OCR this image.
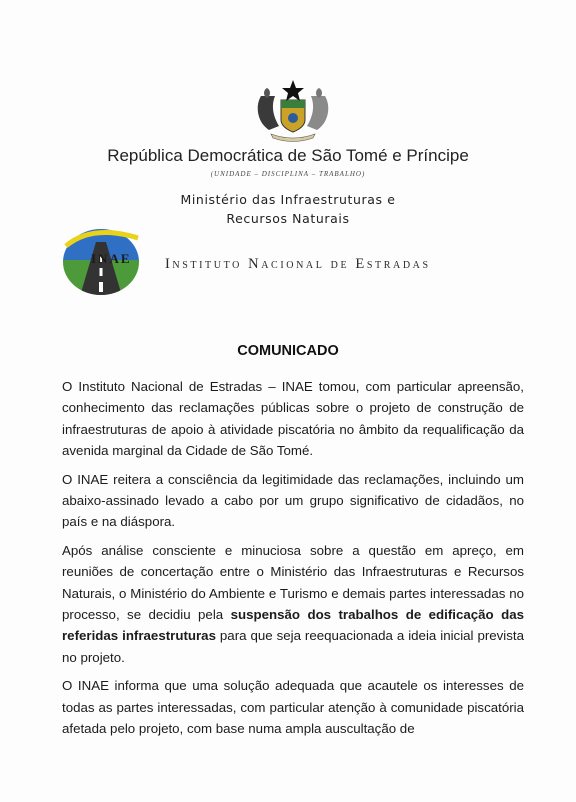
República Democrática de São Tomé e Príncipe
(UNIDADE – DISCIPLINA – TRABALHO)
Ministério das Infraestruturas e
Recursos Naturais
INAE Instituto Nacional de Estradas
COMUNICADO

O Instituto Nacional de Estradas – INAE tomou, com particular apreensão, conhecimento das reclamações públicas sobre o projeto de construção de infraestruturas de apoio à atividade piscatória no âmbito da requalificação da avenida marginal da Cidade de São Tomé.

O INAE reitera a consciência da legitimidade das reclamações, incluindo um abaixo-assinado levado a cabo por um grupo significativo de cidadãos, no país e na diáspora.

Após análise consciente e minuciosa sobre a questão em apreço, em reuniões de concertação entre o Ministério das Infraestruturas e Recursos Naturais, o Ministério do Ambiente e Turismo e demais partes interessadas no processo, se decidiu pela suspensão dos trabalhos de edificação das referidas infraestruturas para que seja reequacionada a ideia inicial prevista no projeto.

O INAE informa que uma solução adequada que acautele os interesses de todas as partes interessadas, com particular atenção à comunidade piscatória afetada pelo projeto, com base numa ampla auscultação de
